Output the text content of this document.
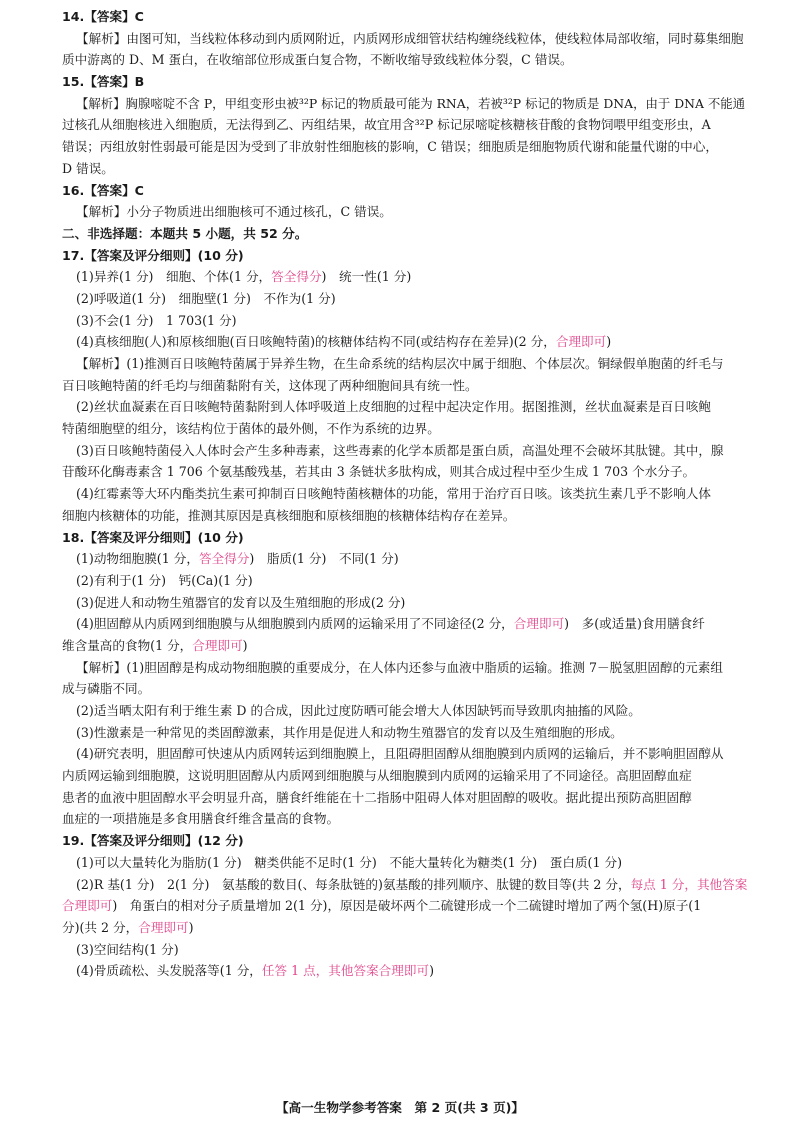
14.【答案】C
【解析】由图可知，当线粒体移动到内质网附近，内质网形成细管状结构缠绕线粒体，使线粒体局部收缩，同时募集细胞
质中游离的 D、M 蛋白，在收缩部位形成蛋白复合物，不断收缩导致线粒体分裂，C 错误。
15.【答案】B
【解析】胸腺嘧啶不含 P，甲组变形虫被³²P 标记的物质最可能为 RNA，若被³²P 标记的物质是 DNA，由于 DNA 不能通
过核孔从细胞核进入细胞质，无法得到乙、丙组结果，故宜用含³²P 标记尿嘧啶核糖核苷酸的食物饲喂甲组变形虫，A
错误；丙组放射性弱最可能是因为受到了非放射性细胞核的影响，C 错误；细胞质是细胞物质代谢和能量代谢的中心，
D 错误。
16.【答案】C
【解析】小分子物质进出细胞核可不通过核孔，C 错误。
二、非选择题：本题共 5 小题，共 52 分。
17.【答案及评分细则】(10 分)
(1)异养(1 分)　细胞、个体(1 分，答全得分)　统一性(1 分)
(2)呼吸道(1 分)　细胞壁(1 分)　不作为(1 分)
(3)不会(1 分)　1 703(1 分)
(4)真核细胞(人)和原核细胞(百日咳鲍特菌)的核糖体结构不同(或结构存在差异)(2 分，合理即可)
【解析】(1)推测百日咳鲍特菌属于异养生物，在生命系统的结构层次中属于细胞、个体层次。铜绿假单胞菌的纤毛与
百日咳鲍特菌的纤毛均与细菌黏附有关，这体现了两种细胞间具有统一性。
(2)丝状血凝素在百日咳鲍特菌黏附到人体呼吸道上皮细胞的过程中起决定作用。据图推测，丝状血凝素是百日咳鲍
特菌细胞壁的组分，该结构位于菌体的最外侧，不作为系统的边界。
(3)百日咳鲍特菌侵入人体时会产生多种毒素，这些毒素的化学本质都是蛋白质，高温处理不会破坏其肽键。其中，腺
苷酸环化酶毒素含 1 706 个氨基酸残基，若其由 3 条链状多肽构成，则其合成过程中至少生成 1 703 个水分子。
(4)红霉素等大环内酯类抗生素可抑制百日咳鲍特菌核糖体的功能，常用于治疗百日咳。该类抗生素几乎不影响人体
细胞内核糖体的功能，推测其原因是真核细胞和原核细胞的核糖体结构存在差异。
18.【答案及评分细则】(10 分)
(1)动物细胞膜(1 分，答全得分)　脂质(1 分)　不同(1 分)
(2)有利于(1 分)　钙(Ca)(1 分)
(3)促进人和动物生殖器官的发育以及生殖细胞的形成(2 分)
(4)胆固醇从内质网到细胞膜与从细胞膜到内质网的运输采用了不同途径(2 分，合理即可)　多(或适量)食用膳食纤
维含量高的食物(1 分，合理即可)
【解析】(1)胆固醇是构成动物细胞膜的重要成分，在人体内还参与血液中脂质的运输。推测 7－脱氢胆固醇的元素组
成与磷脂不同。
(2)适当晒太阳有利于维生素 D 的合成，因此过度防晒可能会增大人体因缺钙而导致肌肉抽搐的风险。
(3)性激素是一种常见的类固醇激素，其作用是促进人和动物生殖器官的发育以及生殖细胞的形成。
(4)研究表明，胆固醇可快速从内质网转运到细胞膜上，且阻碍胆固醇从细胞膜到内质网的运输后，并不影响胆固醇从
内质网运输到细胞膜，这说明胆固醇从内质网到细胞膜与从细胞膜到内质网的运输采用了不同途径。高胆固醇血症
患者的血液中胆固醇水平会明显升高，膳食纤维能在十二指肠中阻碍人体对胆固醇的吸收。据此提出预防高胆固醇
血症的一项措施是多食用膳食纤维含量高的食物。
19.【答案及评分细则】(12 分)
(1)可以大量转化为脂肪(1 分)　糖类供能不足时(1 分)　不能大量转化为糖类(1 分)　蛋白质(1 分)
(2)R 基(1 分)　2(1 分)　氨基酸的数目(、每条肽链的)氨基酸的排列顺序、肽键的数目等(共 2 分，每点 1 分，其他答案
合理即可)　角蛋白的相对分子质量增加 2(1 分)，原因是破坏两个二硫键形成一个二硫键时增加了两个氢(H)原子(1
分)(共 2 分，合理即可)
(3)空间结构(1 分)
(4)骨质疏松、头发脱落等(1 分，任答 1 点，其他答案合理即可)
【高一生物学参考答案　第 2 页(共 3 页)】
